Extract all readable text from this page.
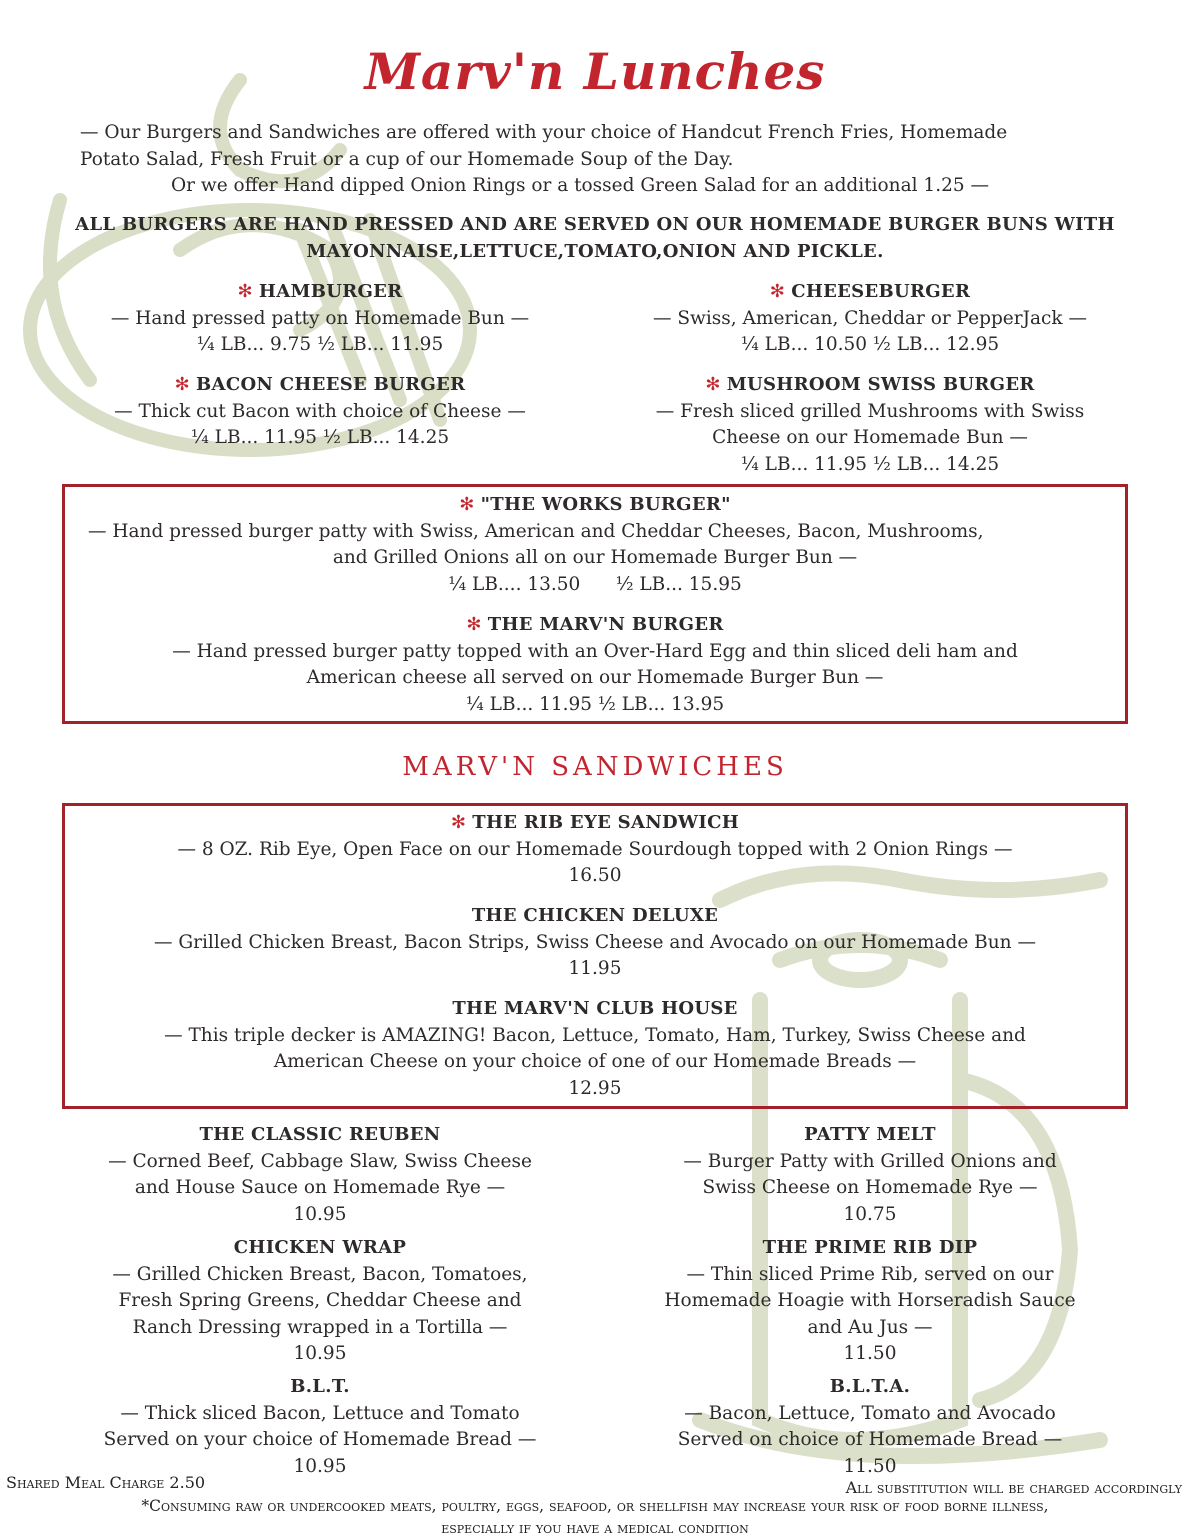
Marv'n Lunches
— Our Burgers and Sandwiches are offered with your choice of Handcut French Fries, Homemade
Potato Salad, Fresh Fruit or a cup of our Homemade Soup of the Day.
Or we offer Hand dipped Onion Rings or a tossed Green Salad for an additional 1.25 —
ALL BURGERS ARE HAND PRESSED AND ARE SERVED ON OUR HOMEMADE BURGER BUNS WITH
MAYONNAISE,LETTUCE,TOMATO,ONION AND PICKLE.
✻ HAMBURGER
— Hand pressed patty on Homemade Bun —
¼ LB... 9.75 ½ LB... 11.95
✻ CHEESEBURGER
— Swiss, American, Cheddar or PepperJack —
¼ LB... 10.50 ½ LB... 12.95
✻ BACON CHEESE BURGER
— Thick cut Bacon with choice of Cheese —
¼ LB... 11.95 ½ LB... 14.25
✻ MUSHROOM SWISS BURGER
— Fresh sliced grilled Mushrooms with Swiss
Cheese on our Homemade Bun —
¼ LB... 11.95 ½ LB... 14.25
✻ "THE WORKS BURGER"
— Hand pressed burger patty with Swiss, American and Cheddar Cheeses, Bacon, Mushrooms,
and Grilled Onions all on our Homemade Burger Bun —
¼ LB.... 13.50      ½ LB... 15.95
✻ THE MARV'N BURGER
— Hand pressed burger patty topped with an Over-Hard Egg and thin sliced deli ham and
American cheese all served on our Homemade Burger Bun —
¼ LB... 11.95 ½ LB... 13.95
MARV'N SANDWICHES
✻ THE RIB EYE SANDWICH
— 8 OZ. Rib Eye, Open Face on our Homemade Sourdough topped with 2 Onion Rings —
16.50
THE CHICKEN DELUXE
— Grilled Chicken Breast, Bacon Strips, Swiss Cheese and Avocado on our Homemade Bun —
11.95
THE MARV'N CLUB HOUSE
— This triple decker is AMAZING! Bacon, Lettuce, Tomato, Ham, Turkey, Swiss Cheese and
American Cheese on your choice of one of our Homemade Breads —
12.95
THE CLASSIC REUBEN
— Corned Beef, Cabbage Slaw, Swiss Cheese
and House Sauce on Homemade Rye —
10.95
PATTY MELT
— Burger Patty with Grilled Onions and
Swiss Cheese on Homemade Rye —
10.75
CHICKEN WRAP
— Grilled Chicken Breast, Bacon, Tomatoes,
Fresh Spring Greens, Cheddar Cheese and
Ranch Dressing wrapped in a Tortilla —
10.95
THE PRIME RIB DIP
— Thin sliced Prime Rib, served on our
Homemade Hoagie with Horseradish Sauce
and Au Jus —
11.50
B.L.T.
— Thick sliced Bacon, Lettuce and Tomato
Served on your choice of Homemade Bread —
10.95
B.L.T.A.
— Bacon, Lettuce, Tomato and Avocado
Served on choice of Homemade Bread —
11.50
Shared Meal Charge 2.50	All substitution will be charged accordingly
*Consuming raw or undercooked meats, poultry, eggs, seafood, or shellfish may increase your risk of food borne illness,
especially if you have a medical condition
